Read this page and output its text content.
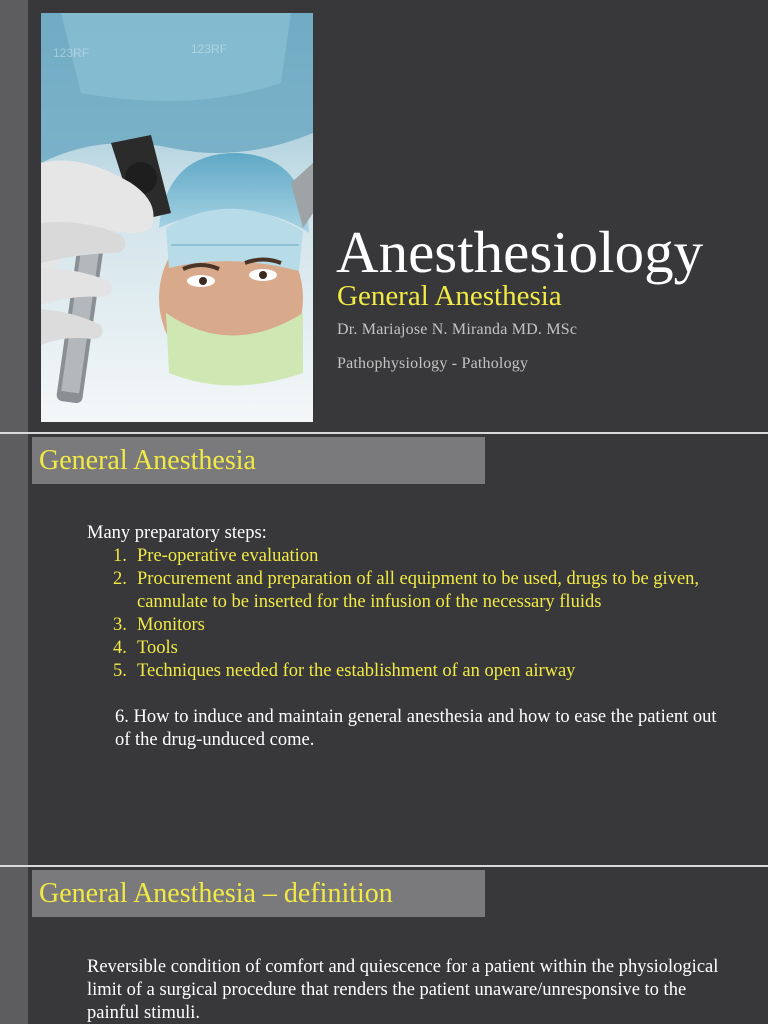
123RF	123RF
Anesthesiology
General Anesthesia
Dr. Mariajose N. Miranda MD. MSc
Pathophysiology - Pathology
General Anesthesia
Many preparatory steps:
1. Pre-operative evaluation
2. Procurement and preparation of all equipment to be used, drugs to be given, cannulate to be inserted for the infusion of the necessary fluids
3. Monitors
4. Tools
5. Techniques needed for the establishment of an open airway
6. How to induce and maintain general anesthesia and how to ease the patient out of the drug-unduced come.
General Anesthesia – definition
Reversible condition of comfort and quiescence for a patient within the physiological limit of a surgical procedure that renders the patient unaware/unresponsive to the painful stimuli.
